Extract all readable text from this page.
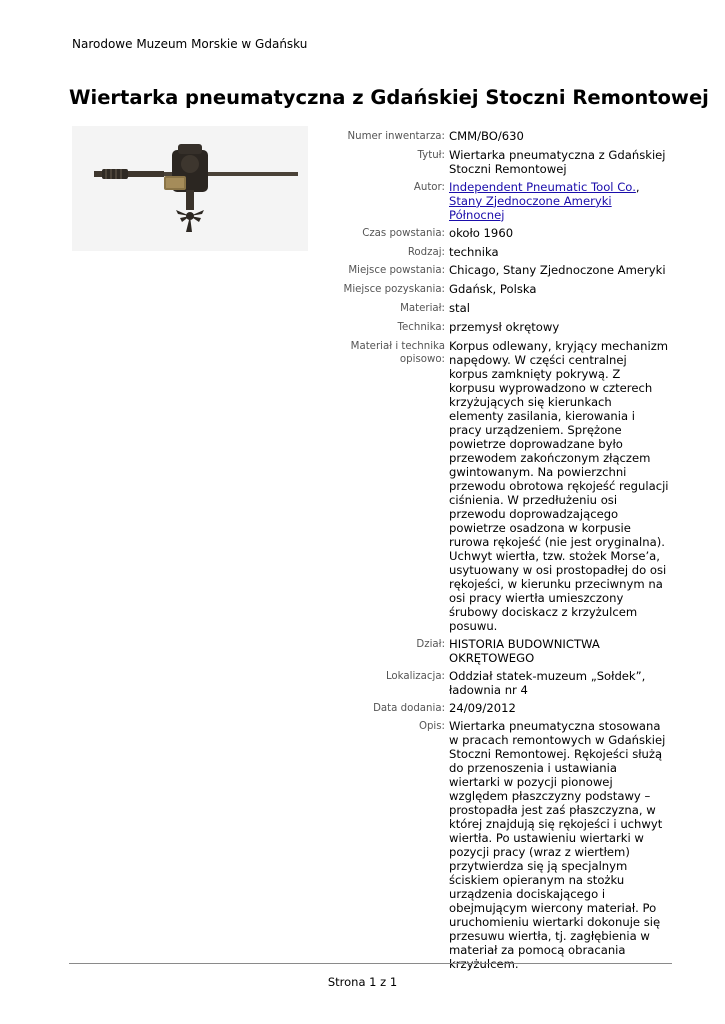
Narodowe Muzeum Morskie w Gdańsku
Wiertarka pneumatyczna z Gdańskiej Stoczni Remontowej
Numer inwentarza: CMM/BO/630
Tytuł: Wiertarka pneumatyczna z Gdańskiej Stoczni Remontowej
Autor: Independent Pneumatic Tool Co., Stany Zjednoczone Ameryki Północnej
Czas powstania: około 1960
Rodzaj: technika
Miejsce powstania: Chicago, Stany Zjednoczone Ameryki
Miejsce pozyskania: Gdańsk, Polska
Materiał: stal
Technika: przemysł okrętowy
Materiał i technika opisowo:
Korpus odlewany, kryjący mechanizm napędowy. W części centralnej korpus zamknięty pokrywą. Z korpusu wyprowadzono w czterech krzyżujących się kierunkach elementy zasilania, kierowania i pracy urządzeniem. Sprężone powietrze doprowadzane było przewodem zakończonym złączem gwintowanym. Na powierzchni przewodu obrotowa rękojeść regulacji ciśnienia. W przedłużeniu osi przewodu doprowadzającego powietrze osadzona w korpusie rurowa rękojeść (nie jest oryginalna). Uchwyt wiertła, tzw. stożek Morse’a, usytuowany w osi prostopadłej do osi rękojeści, w kierunku przeciwnym na osi pracy wiertła umieszczony śrubowy dociskacz z krzyżulcem posuwu.
Dział: HISTORIA BUDOWNICTWA OKRĘTOWEGO
Lokalizacja: Oddział statek-muzeum „Sołdek”, ładownia nr 4
Data dodania: 24/09/2012
Opis: Wiertarka pneumatyczna stosowana w pracach remontowych w Gdańskiej Stoczni Remontowej. Rękojeści służą do przenoszenia i ustawiania wiertarki w pozycji pionowej względem płaszczyzny podstawy – prostopadła jest zaś płaszczyzna, w której znajdują się rękojeści i uchwyt wiertła. Po ustawieniu wiertarki w pozycji pracy (wraz z wiertłem) przytwierdza się ją specjalnym ściskiem opieranym na stożku urządzenia dociskającego i obejmującym wiercony materiał. Po uruchomieniu wiertarki dokonuje się przesuwu wiertła, tj. zagłębienia w materiał za pomocą obracania krzyżulcem.
Strona 1 z 1
